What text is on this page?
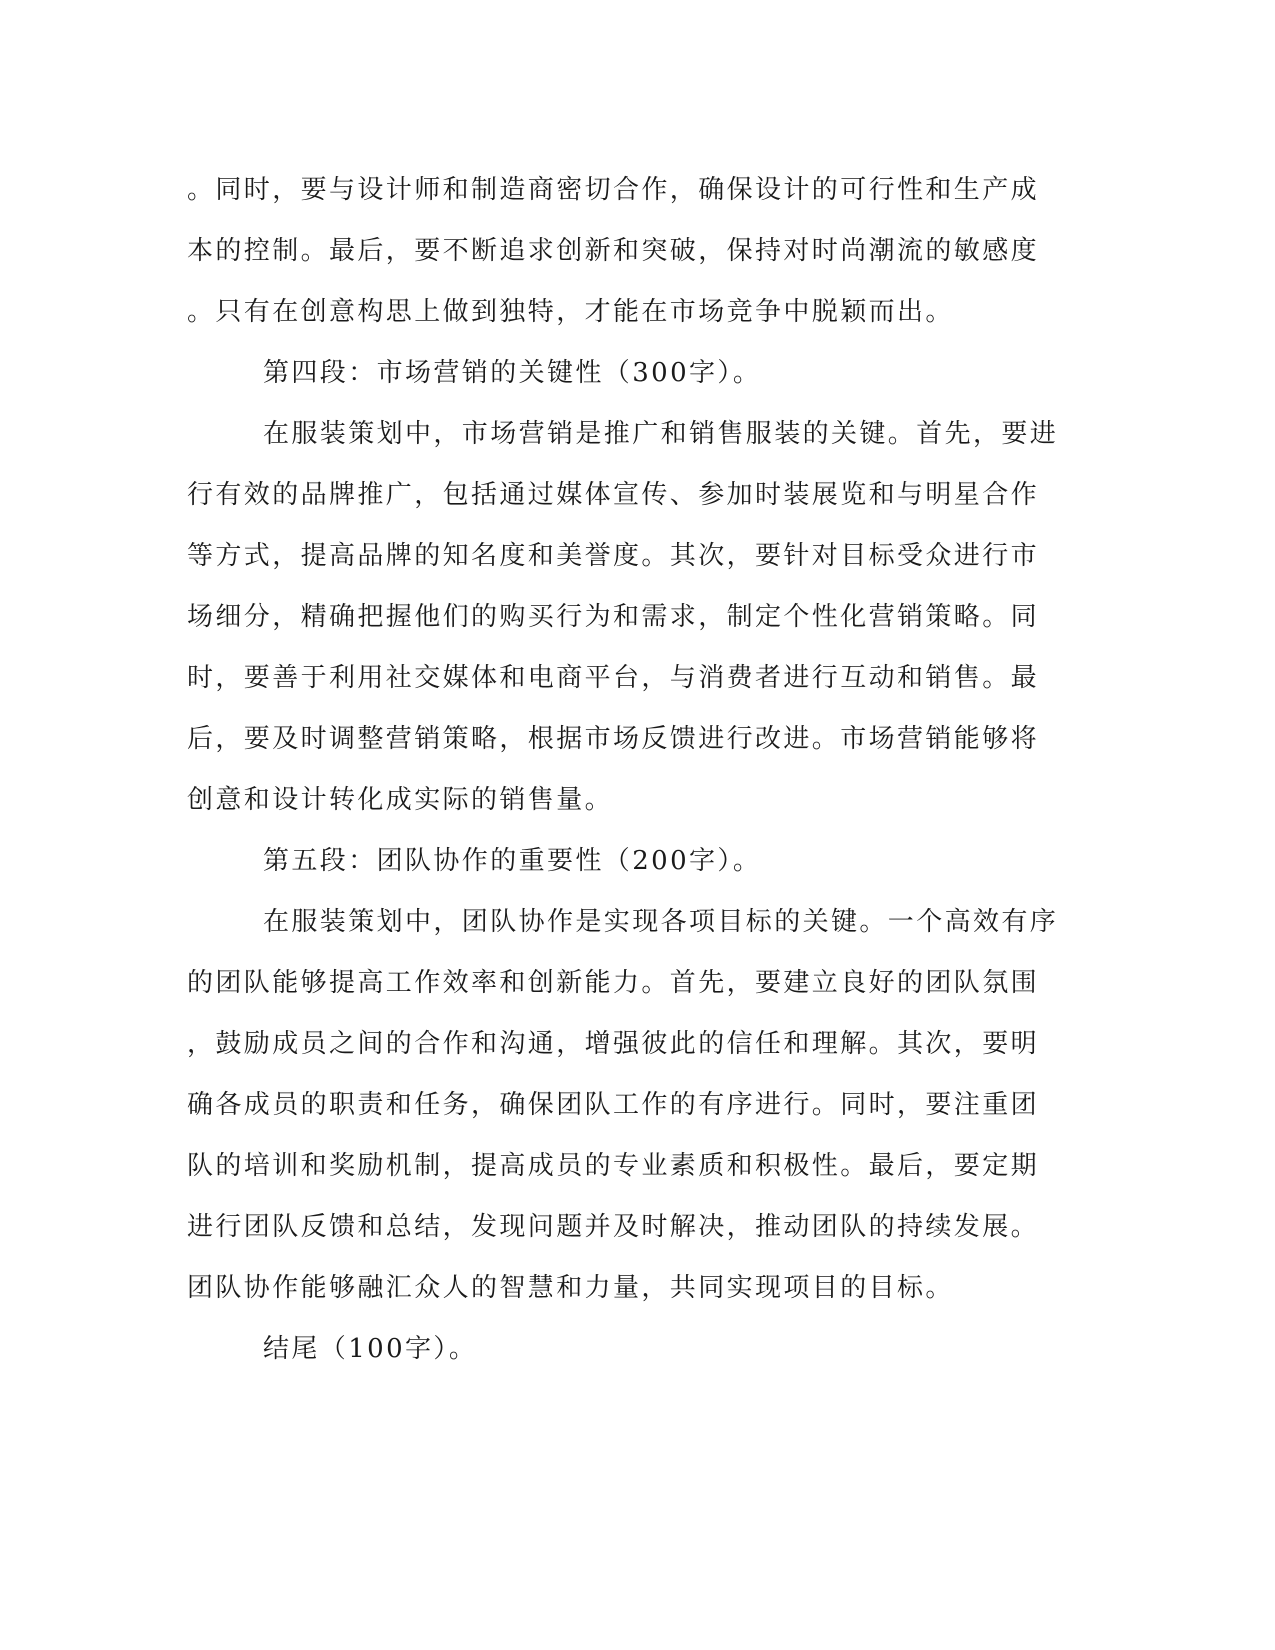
。同时，要与设计师和制造商密切合作，确保设计的可行性和生产成
本的控制。最后，要不断追求创新和突破，保持对时尚潮流的敏感度
。只有在创意构思上做到独特，才能在市场竞争中脱颖而出。
第四段：市场营销的关键性（300字）。
在服装策划中，市场营销是推广和销售服装的关键。首先，要进
行有效的品牌推广，包括通过媒体宣传、参加时装展览和与明星合作
等方式，提高品牌的知名度和美誉度。其次，要针对目标受众进行市
场细分，精确把握他们的购买行为和需求，制定个性化营销策略。同
时，要善于利用社交媒体和电商平台，与消费者进行互动和销售。最
后，要及时调整营销策略，根据市场反馈进行改进。市场营销能够将
创意和设计转化成实际的销售量。
第五段：团队协作的重要性（200字）。
在服装策划中，团队协作是实现各项目标的关键。一个高效有序
的团队能够提高工作效率和创新能力。首先，要建立良好的团队氛围
，鼓励成员之间的合作和沟通，增强彼此的信任和理解。其次，要明
确各成员的职责和任务，确保团队工作的有序进行。同时，要注重团
队的培训和奖励机制，提高成员的专业素质和积极性。最后，要定期
进行团队反馈和总结，发现问题并及时解决，推动团队的持续发展。
团队协作能够融汇众人的智慧和力量，共同实现项目的目标。
结尾（100字）。
